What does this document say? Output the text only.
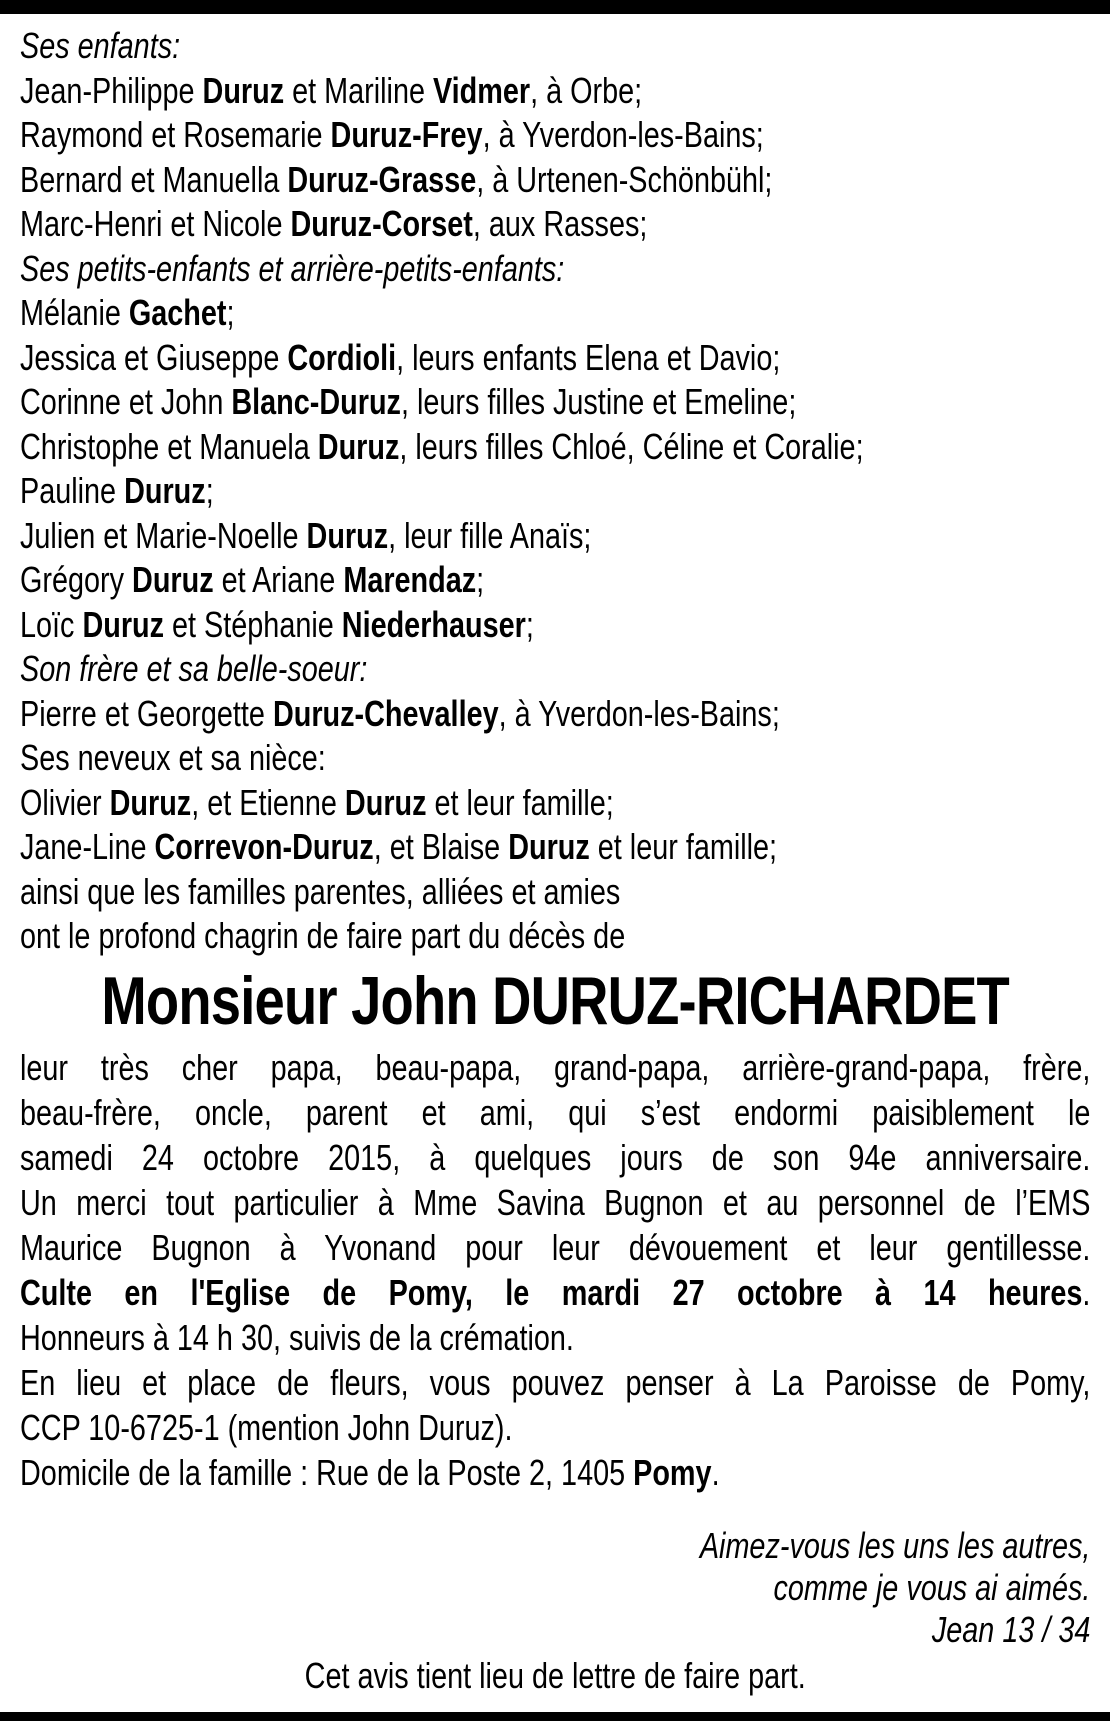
Ses enfants:
Jean-Philippe Duruz et Mariline Vidmer, à Orbe;
Raymond et Rosemarie Duruz-Frey, à Yverdon-les-Bains;
Bernard et Manuella Duruz-Grasse, à Urtenen-Schönbühl;
Marc-Henri et Nicole Duruz-Corset, aux Rasses;
Ses petits-enfants et arrière-petits-enfants:
Mélanie Gachet;
Jessica et Giuseppe Cordioli, leurs enfants Elena et Davio;
Corinne et John Blanc-Duruz, leurs filles Justine et Emeline;
Christophe et Manuela Duruz, leurs filles Chloé, Céline et Coralie;
Pauline Duruz;
Julien et Marie-Noelle Duruz, leur fille Anaïs;
Grégory Duruz et Ariane Marendaz;
Loïc Duruz et Stéphanie Niederhauser;
Son frère et sa belle-soeur:
Pierre et Georgette Duruz-Chevalley, à Yverdon-les-Bains;
Ses neveux et sa nièce:
Olivier Duruz, et Etienne Duruz et leur famille;
Jane-Line Correvon-Duruz, et Blaise Duruz et leur famille;
ainsi que les familles parentes, alliées et amies
ont le profond chagrin de faire part du décès de
Monsieur John DURUZ-RICHARDET
leur très cher papa, beau-papa, grand-papa, arrière-grand-papa, frère,
beau-frère, oncle, parent et ami, qui s’est endormi paisiblement le
samedi 24 octobre 2015, à quelques jours de son 94e anniversaire.
Un merci tout particulier à Mme Savina Bugnon et au personnel de l’EMS
Maurice Bugnon à Yvonand pour leur dévouement et leur gentillesse.
Culte en l'Eglise de Pomy, le mardi 27 octobre à 14 heures.
Honneurs à 14 h 30, suivis de la crémation.
En lieu et place de fleurs, vous pouvez penser à La Paroisse de Pomy,
CCP 10-6725-1 (mention John Duruz).
Domicile de la famille : Rue de la Poste 2, 1405 Pomy.
Aimez-vous les uns les autres,
comme je vous ai aimés.
Jean 13 / 34
Cet avis tient lieu de lettre de faire part.
